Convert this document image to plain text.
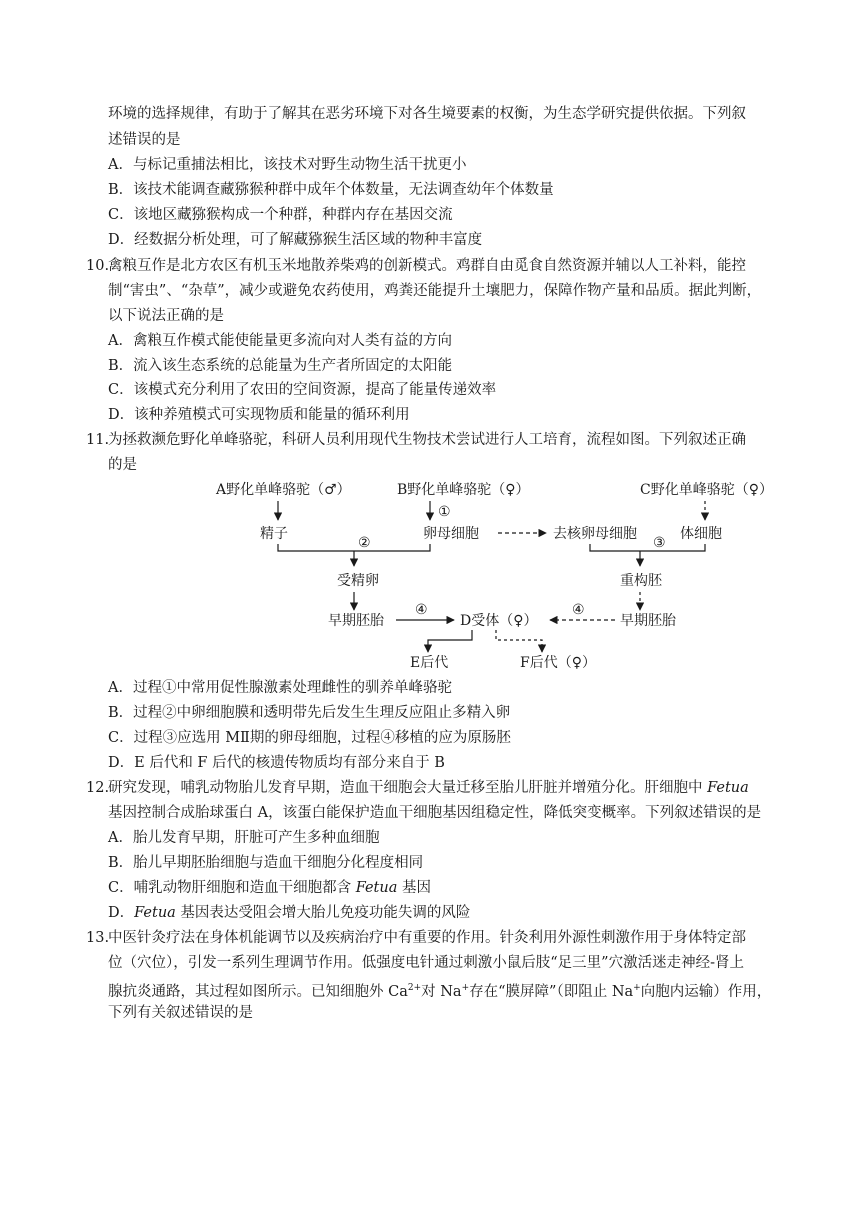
环境的选择规律，有助于了解其在恶劣环境下对各生境要素的权衡，为生态学研究提供依据。下列叙
述错误的是
A．与标记重捕法相比，该技术对野生动物生活干扰更小
B．该技术能调查藏猕猴种群中成年个体数量，无法调查幼年个体数量
C．该地区藏猕猴构成一个种群，种群内存在基因交流
D．经数据分析处理，可了解藏猕猴生活区域的物种丰富度
10.
禽粮互作是北方农区有机玉米地散养柴鸡的创新模式。鸡群自由觅食自然资源并辅以人工补料，能控
制“害虫”、“杂草”，减少或避免农药使用，鸡粪还能提升土壤肥力，保障作物产量和品质。据此判断，
以下说法正确的是
A．禽粮互作模式能使能量更多流向对人类有益的方向
B．流入该生态系统的总能量为生产者所固定的太阳能
C．该模式充分利用了农田的空间资源，提高了能量传递效率
D．该种养殖模式可实现物质和能量的循环利用
11.
为拯救濒危野化单峰骆驼，科研人员利用现代生物技术尝试进行人工培育，流程如图。下列叙述正确
的是
A野化单峰骆驼（♂）	B野化单峰骆驼（♀）	C野化单峰骆驼（♀）
①
精子	卵母细胞	去核卵母细胞	体细胞
②	③
受精卵	重构胚
早期胚胎	D受体（♀）	早期胚胎
④	④
E后代	F后代（♀）
A．过程①中常用促性腺激素处理雌性的驯养单峰骆驼
B．过程②中卵细胞膜和透明带先后发生生理反应阻止多精入卵
C．过程③应选用 MⅡ期的卵母细胞，过程④移植的应为原肠胚
D．E 后代和 F 后代的核遗传物质均有部分来自于 B
12.
研究发现，哺乳动物胎儿发育早期，造血干细胞会大量迁移至胎儿肝脏并增殖分化。肝细胞中 Fetua
基因控制合成胎球蛋白 A，该蛋白能保护造血干细胞基因组稳定性，降低突变概率。下列叙述错误的是
A．胎儿发育早期，肝脏可产生多种血细胞
B．胎儿早期胚胎细胞与造血干细胞分化程度相同
C．哺乳动物肝细胞和造血干细胞都含 Fetua 基因
D．Fetua 基因表达受阻会增大胎儿免疫功能失调的风险
13.
中医针灸疗法在身体机能调节以及疾病治疗中有重要的作用。针灸利用外源性刺激作用于身体特定部
位（穴位），引发一系列生理调节作用。低强度电针通过刺激小鼠后肢“足三里”穴激活迷走神经-肾上
腺抗炎通路，其过程如图所示。已知细胞外 $Ca^{2+}$对 Na+存在“膜屏障”（即阻止 Na+向胞内运输）作用，
下列有关叙述错误的是
